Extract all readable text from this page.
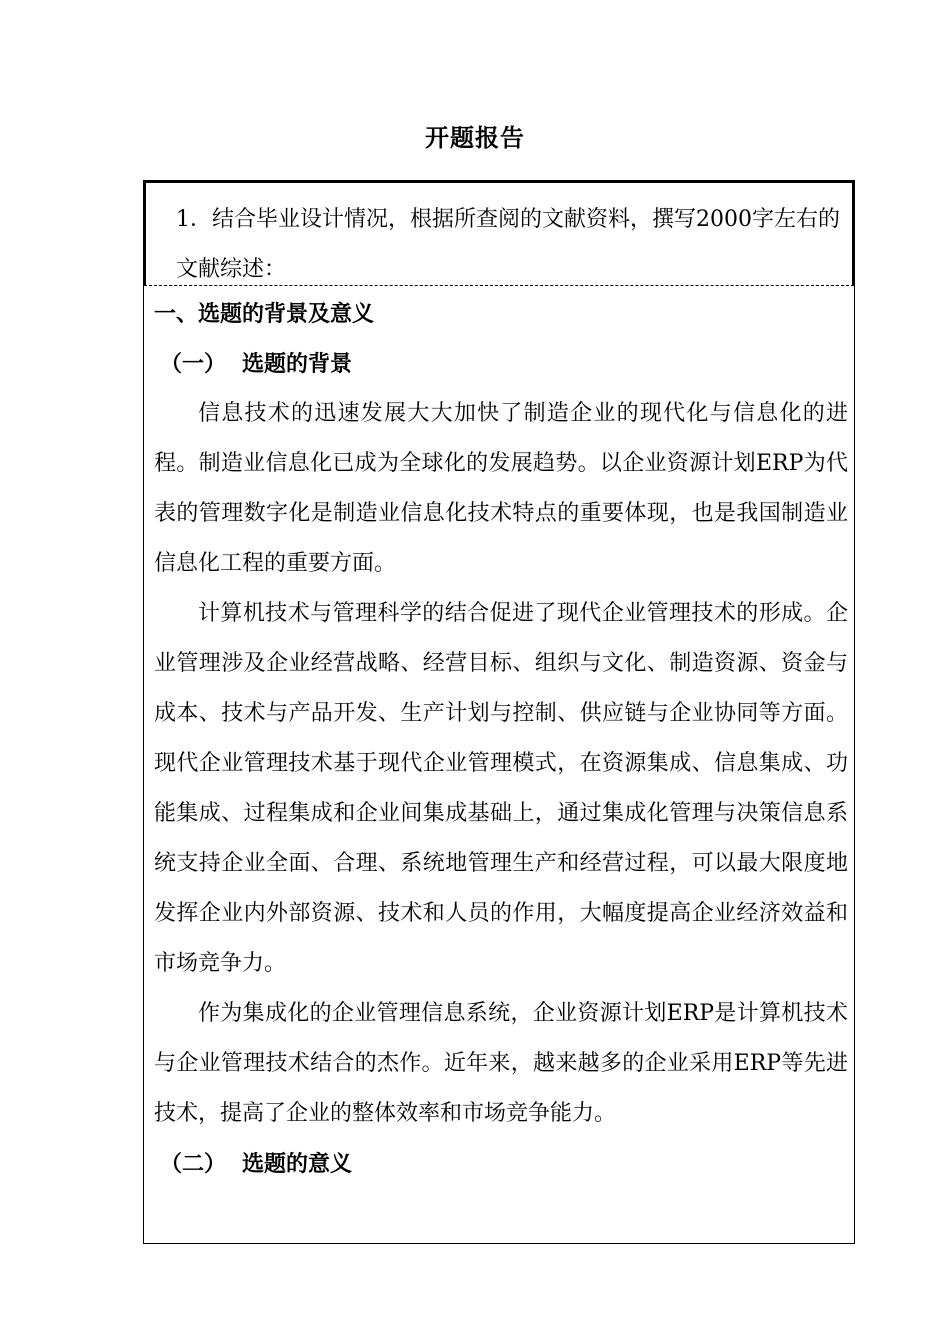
开题报告

1．结合毕业设计情况，根据所查阅的文献资料，撰写2000字左右的文献综述：

一、选题的背景及意义

（一） 选题的背景

信息技术的迅速发展大大加快了制造企业的现代化与信息化的进程。制造业信息化已成为全球化的发展趋势。以企业资源计划ERP为代表的管理数字化是制造业信息化技术特点的重要体现，也是我国制造业信息化工程的重要方面。

计算机技术与管理科学的结合促进了现代企业管理技术的形成。企业管理涉及企业经营战略、经营目标、组织与文化、制造资源、资金与成本、技术与产品开发、生产计划与控制、供应链与企业协同等方面。现代企业管理技术基于现代企业管理模式，在资源集成、信息集成、功能集成、过程集成和企业间集成基础上，通过集成化管理与决策信息系统支持企业全面、合理、系统地管理生产和经营过程，可以最大限度地发挥企业内外部资源、技术和人员的作用，大幅度提高企业经济效益和市场竞争力。

作为集成化的企业管理信息系统，企业资源计划ERP是计算机技术与企业管理技术结合的杰作。近年来，越来越多的企业采用ERP等先进技术，提高了企业的整体效率和市场竞争能力。

（二） 选题的意义
